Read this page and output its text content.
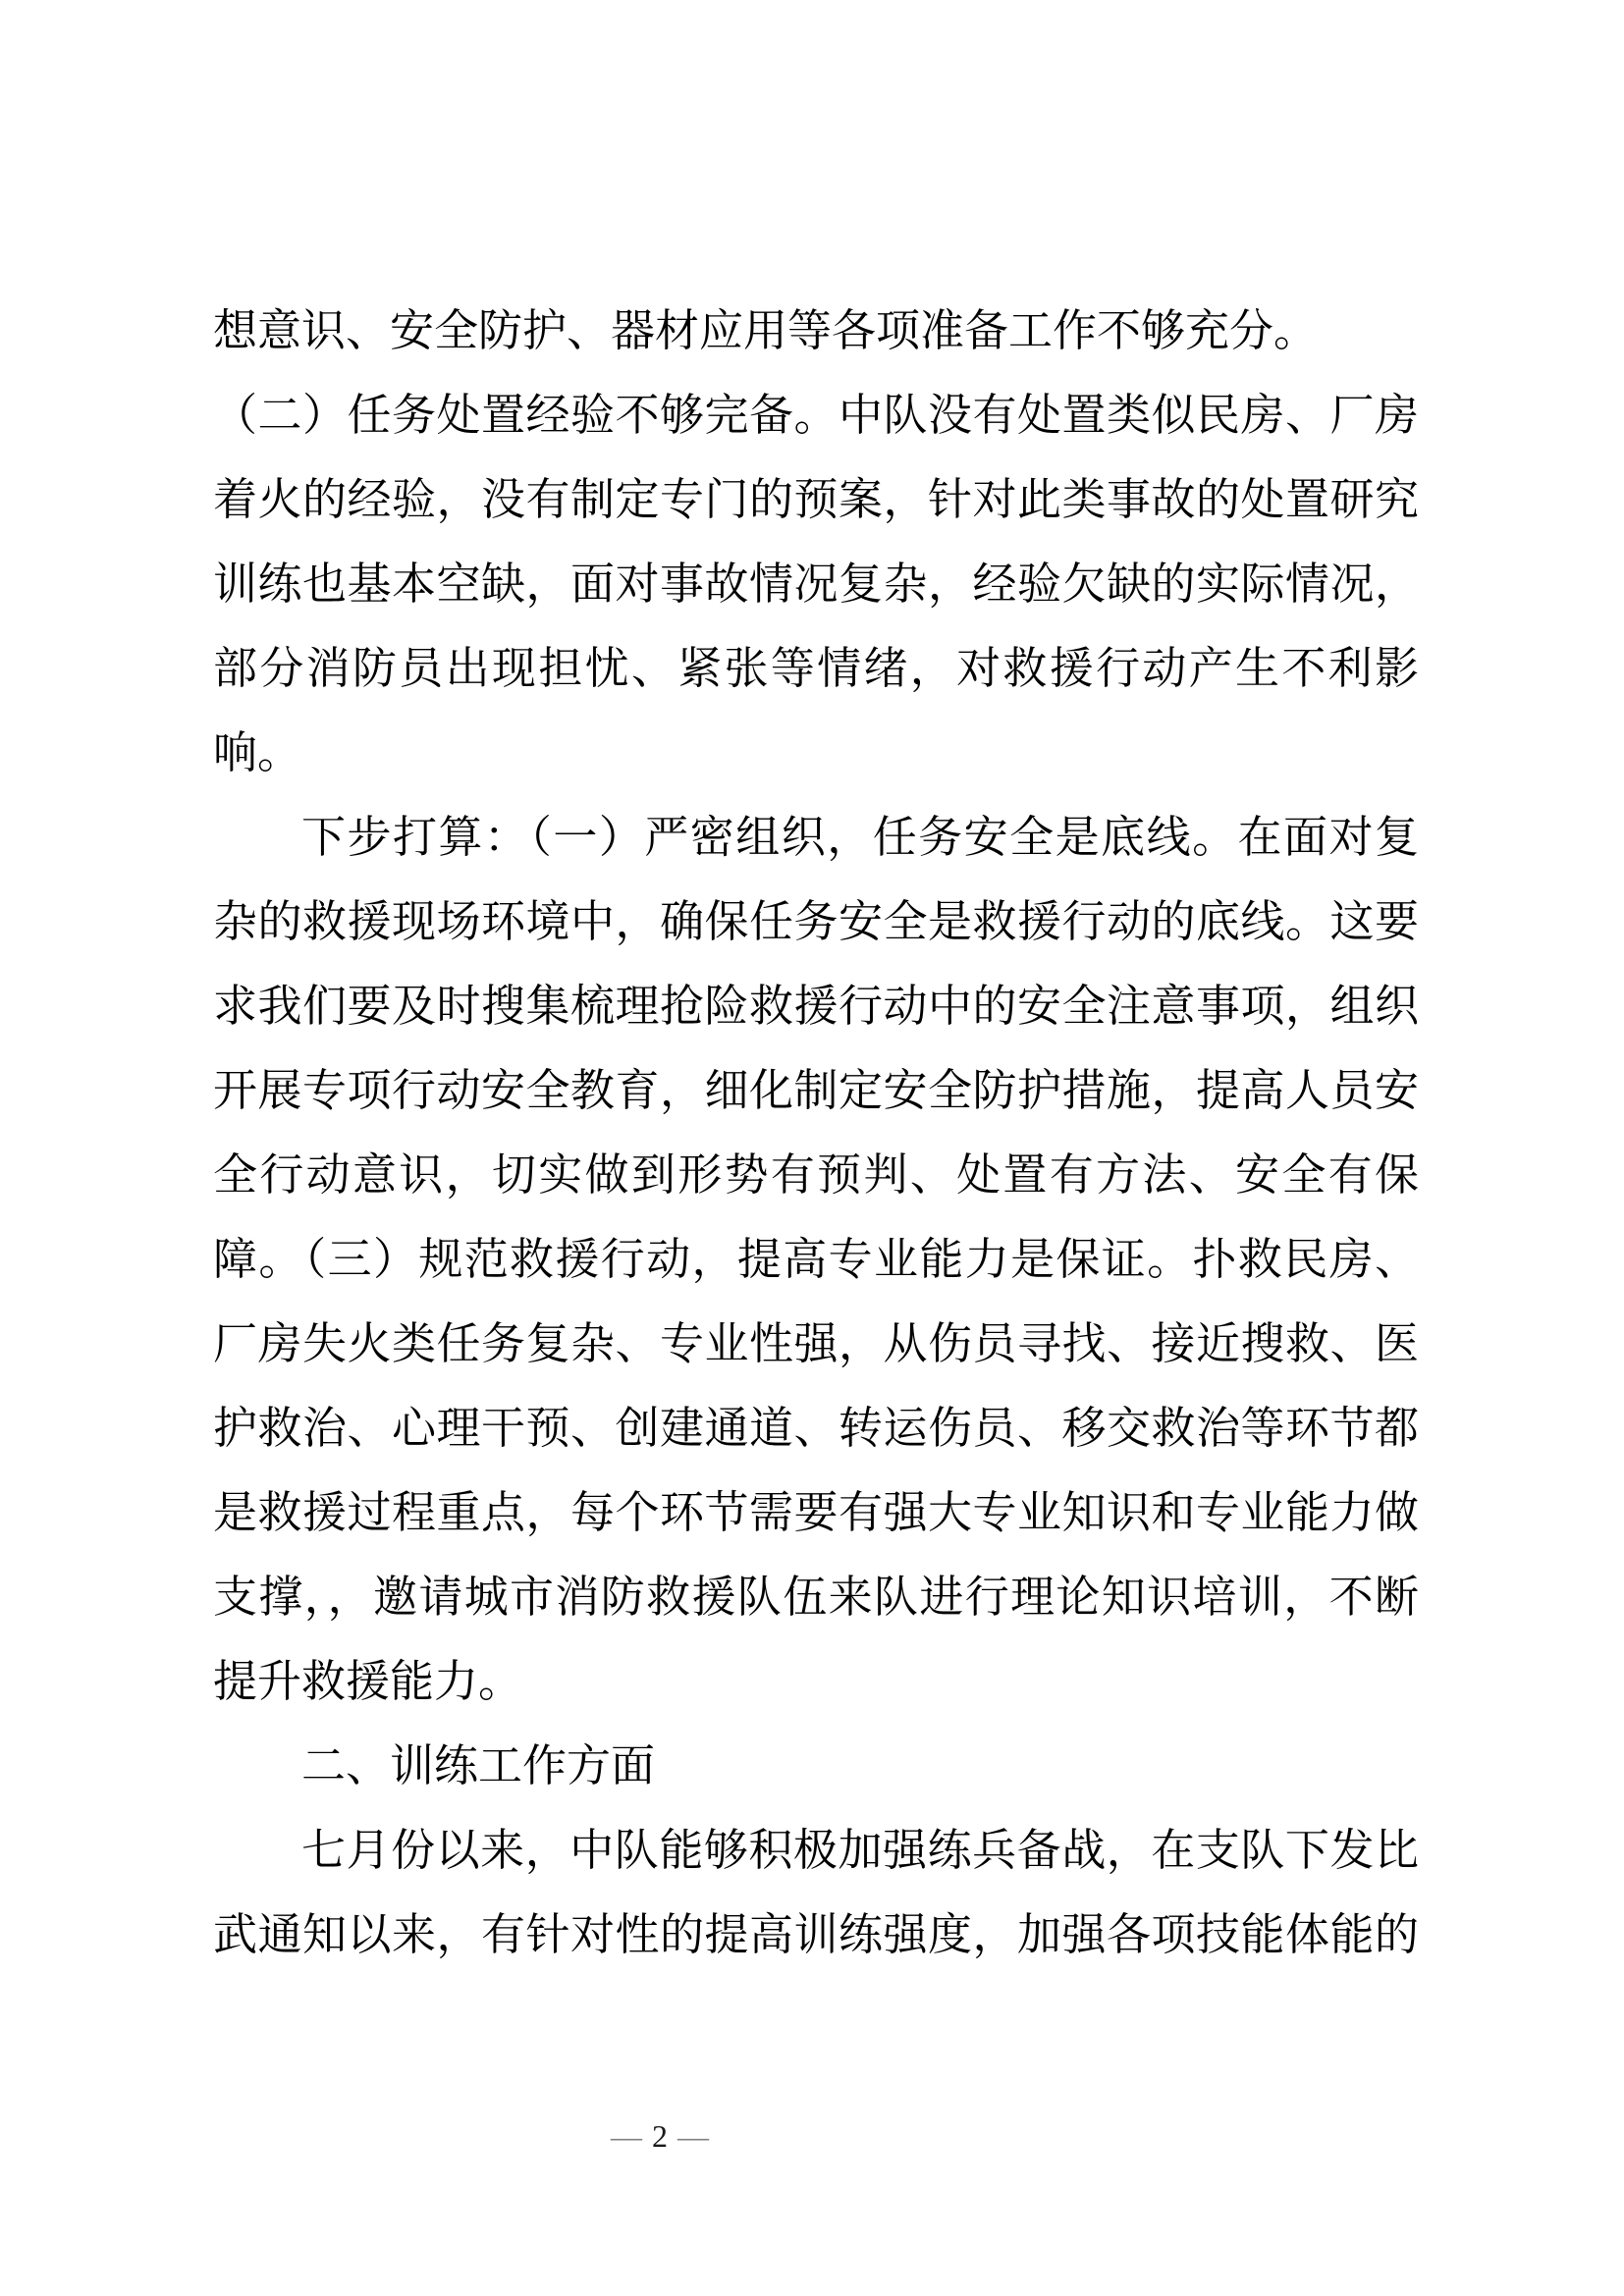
想意识、安全防护、器材应用等各项准备工作不够充分。
（二）任务处置经验不够完备。中队没有处置类似民房、厂房
着火的经验，没有制定专门的预案，针对此类事故的处置研究
训练也基本空缺，面对事故情况复杂，经验欠缺的实际情况，
部分消防员出现担忧、紧张等情绪，对救援行动产生不利影
响。
下步打算：（一）严密组织，任务安全是底线。在面对复
杂的救援现场环境中，确保任务安全是救援行动的底线。这要
求我们要及时搜集梳理抢险救援行动中的安全注意事项，组织
开展专项行动安全教育，细化制定安全防护措施，提高人员安
全行动意识，切实做到形势有预判、处置有方法、安全有保
障。（三）规范救援行动，提高专业能力是保证。扑救民房、
厂房失火类任务复杂、专业性强，从伤员寻找、接近搜救、医
护救治、心理干预、创建通道、转运伤员、移交救治等环节都
是救援过程重点，每个环节需要有强大专业知识和专业能力做
支撑，，邀请城市消防救援队伍来队进行理论知识培训，不断
提升救援能力。
二、训练工作方面
七月份以来，中队能够积极加强练兵备战，在支队下发比
武通知以来，有针对性的提高训练强度，加强各项技能体能的
— 2 —
